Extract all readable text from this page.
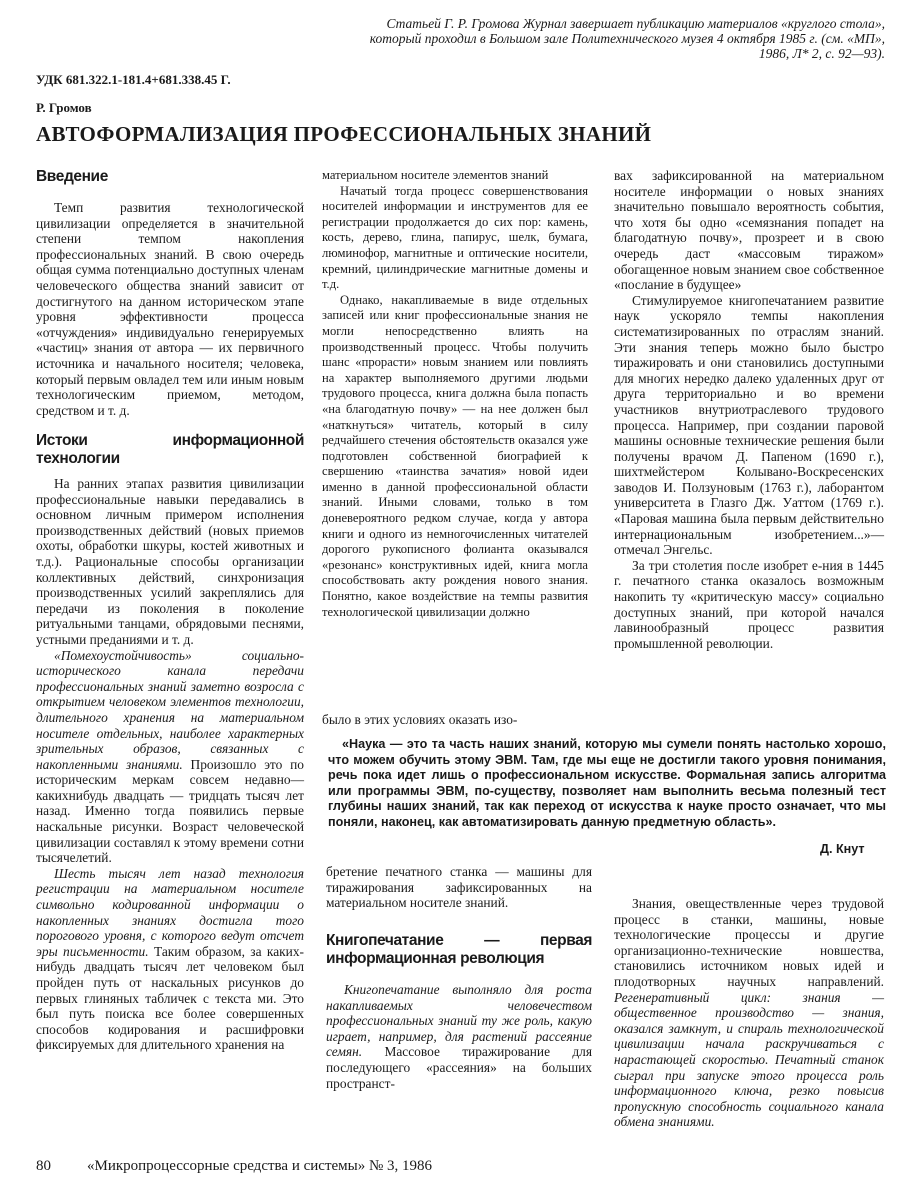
Статьей Г. Р. Громова Журнал завершает публикацию материалов «круглого стола», который проходил в Большом зале Политехнического музея 4 октября 1985 г. (см. «МП», 1986, Л* 2, с. 92—93).
УДК 681.322.1-181.4+681.338.45 Г.
Р. Громов
АВТОФОРМАЛИЗАЦИЯ ПРОФЕССИОНАЛЬНЫХ ЗНАНИЙ
Введение

Темп развития технологической цивилизации определяется в значительной степени темпом накопления профессиональных знаний. В свою очередь общая сумма потенциально доступных членам человеческого общества знаний зависит от достигнутого на данном историческом этапе уровня эффективности процесса «отчуждения» индивидуально генерируемых «частиц» знания от автора — их первичного источника и начального носителя; человека, который первым овладел тем или иным новым технологическим приемом, методом, средством и т. д.

Истоки информационной технологии

На ранних этапах развития цивилизации профессиональные навыки передавались в основном личным примером исполнения производственных действий (новых приемов охоты, обработки шкуры, костей животных и т.д.). Рациональные способы организации коллективных действий, синхронизация производственных усилий закреплялись для передачи из поколения в поколение ритуальными танцами, обрядовыми песнями, устными преданиями и т. д.

«Помехоустойчивость» социально-исторического канала передачи профессиональных знаний заметно возросла с открытием человеком элементов технологии, длительного хранения на материальном носителе отдельных, наиболее характерных зрительных образов, связанных с накопленными знаниями. Произошло это по историческим меркам совсем недавно—какихнибудь двадцать — тридцать тысяч лет назад. Именно тогда появились первые наскальные рисунки. Возраст человеческой цивилизации составлял к этому времени сотни тысячелетий.

Шесть тысяч лет назад технология регистрации на материальном носителе символьно кодированной информации о накопленных знаниях достигла того порогового уровня, с которого ведут отсчет эры письменности. Таким образом, за каких-нибудь двадцать тысяч лет человеком был пройден путь от наскальных рисунков до первых глиняных табличек с текста ми. Это был путь поиска все более совершенных способов кодирования и расшифровки фиксируемых для длительного хранения на

материальном носителе элементов знаний

Начатый тогда процесс совершенствования носителей информации и инструментов для ее регистрации продолжается до сих пор: камень, кость, дерево, глина, папирус, шелк, бумага, люминофор, магнитные и оптические носители, кремний, цилиндрические магнитные домены и т.д.

Однако, накапливаемые в виде отдельных записей или книг профессиональные знания не могли непосредственно влиять на производственный процесс. Чтобы получить шанс «прорасти» новым знанием или повлиять на характер выполняемого другими людьми трудового процесса, книга должна была попасть «на благодатную почву» — на нее должен был «наткнуться» читатель, который в силу редчайшего стечения обстоятельств оказался уже подготовлен собственной биографией к свершению «таинства зачатия» новой идеи именно в данной профессиональной области знаний. Иными словами, только в том доневероятного редком случае, когда у автора книги и одного из немногочисленных читателей дорогого рукописного фолианта оказывался «резонанс» конструктивных идей, книга могла способствовать акту рождения нового знания. Понятно, какое воздействие на темпы развития технологической цивилизации должно

было в этих условиях оказать изо-

вах зафиксированной на материальном носителе информации о новых знаниях значительно повышало вероятность события, что хотя бы одно «семязнания попадет на благодатную почву», прозреет и в свою очередь даст «массовым тиражом» обогащенное новым знанием свое собственное «послание в будущее»

Стимулируемое книгопечатанием развитие наук ускоряло темпы накопления систематизированных по отраслям знаний. Эти знания теперь можно было быстро тиражировать и они становились доступными для многих нередко далеко удаленных друг от друга территориально и во времени участников внутриотраслевого трудового процесса. Например, при создании паровой машины основные технические решения были получены врачом Д. Папеном (1690 г.), шихтмейстером Колывано-Воскресенских заводов И. Ползуновым (1763 г.), лаборантом университета в Глазго Дж. Уаттом (1769 г.). «Паровая машина была первым действительно интернациональным изобретением...»— отмечал Энгельс.

За три столетия после изобрет е-ния в 1445 г. печатного станка оказалось возможным накопить ту «критическую массу» социально доступных знаний, при которой начался лавинообразный процесс развития промышленной революции.

«Наука — это та часть наших знаний, которую мы сумели понять настолько хорошо, что можем обучить этому ЭВМ. Там, где мы еще не достигли такого уровня понимания, речь пока идет лишь о профессиональном искусстве. Формальная запись алгоритма или программы ЭВМ, по-существу, позволяет нам выполнить весьма полезный тест глубины наших знаний, так как переход от искусства к науке просто означает, что мы поняли, наконец, как автоматизировать данную предметную область».
Д. Кнут

бретение печатного станка — машины для тиражирования зафиксированных на материальном носителе знаний.

Книгопечатание — первая информационная революция

Книгопечатание выполняло для роста накапливаемых человечеством профессиональных знаний ту же роль, какую играет, например, для растений рассеяние семян. Массовое тиражирование для последующего «рассеяния» на больших пространст-

Знания, овеществленные через трудовой процесс в станки, машины, новые технологические процессы и другие организационно-технические новшества, становились источником новых идей и плодотворных научных направлений. Регенеративный цикл: знания — общественное производство — знания, оказался замкнут, и спираль технологической цивилизации начала раскручиваться с нарастающей скоростью. Печатный станок сыграл при запуске этого процесса роль информационного ключа, резко повысив пропускную способность социального канала обмена знаниями.

80 «Микропроцессорные средства и системы» № 3, 1986
